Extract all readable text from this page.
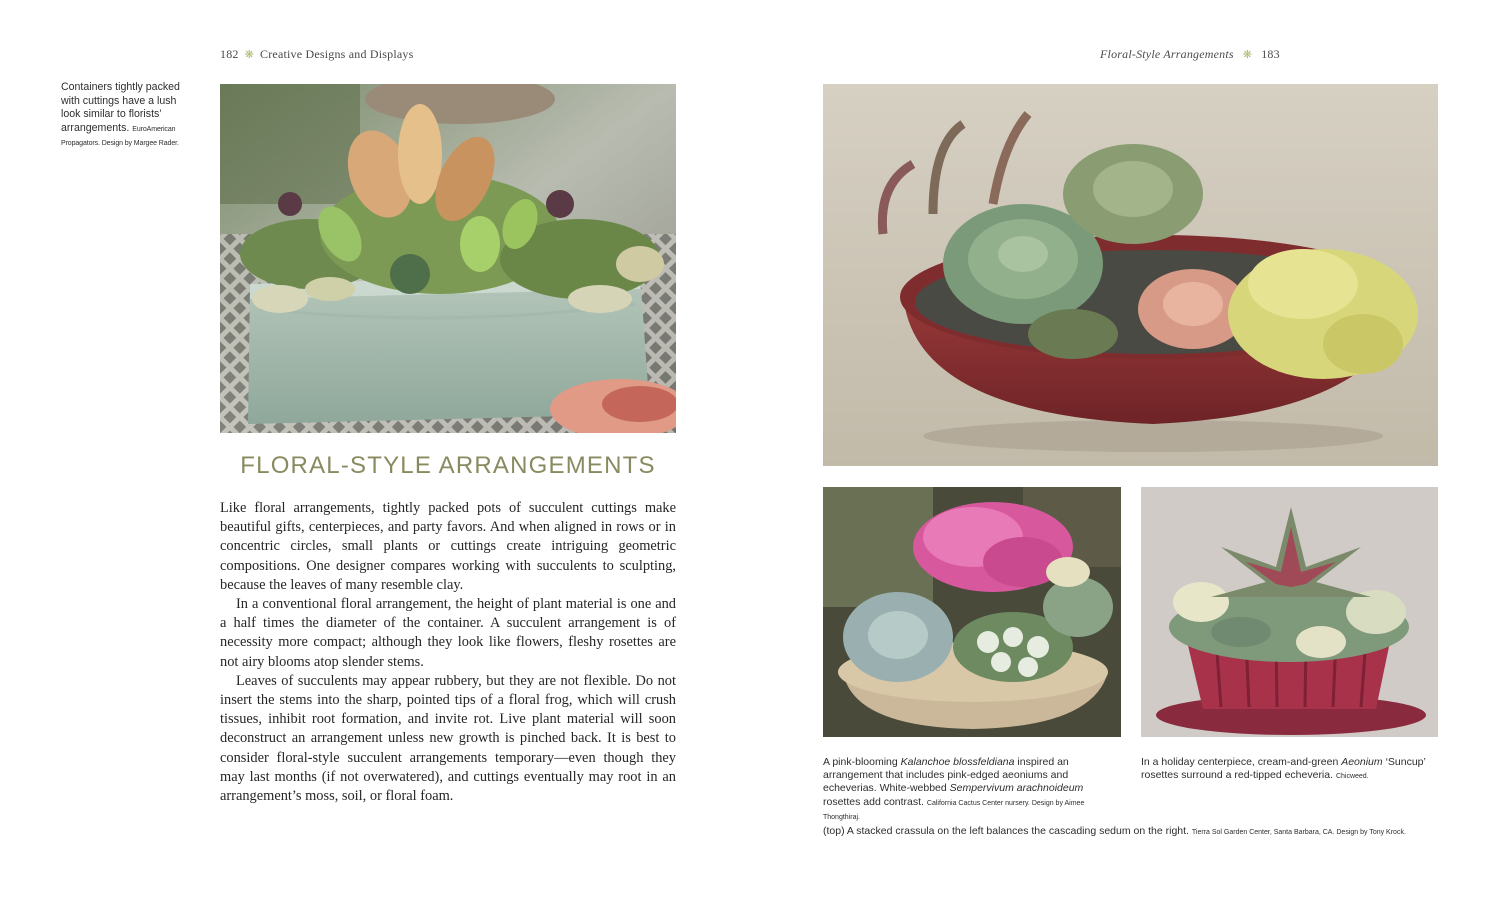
182 ❋ Creative Designs and Displays
Containers tightly packed with cuttings have a lush look similar to florists’ arrangements. EuroAmerican Propagators. Design by Margee Rader.
FLORAL-STYLE ARRANGEMENTS

Like floral arrangements, tightly packed pots of succulent cuttings make beautiful gifts, centerpieces, and party favors. And when aligned in rows or in concentric circles, small plants or cuttings create intriguing geometric compositions. One designer compares working with succulents to sculpting, because the leaves of many resemble clay.

In a conventional floral arrangement, the height of plant material is one and a half times the diameter of the container. A succulent arrangement is of necessity more compact; although they look like flowers, fleshy rosettes are not airy blooms atop slender stems.

Leaves of succulents may appear rubbery, but they are not flexible. Do not insert the stems into the sharp, pointed tips of a floral frog, which will crush tissues, inhibit root formation, and invite rot. Live plant material will soon deconstruct an arrangement unless new growth is pinched back. It is best to consider floral-style succulent arrangements temporary—even though they may last months (if not overwatered), and cuttings eventually may root in an arrangement’s moss, soil, or floral foam.

Floral-Style Arrangements ❋ 183
A pink-blooming Kalanchoe blossfeldiana inspired an arrangement that includes pink-edged aeoniums and echeverias. White-webbed Sempervivum arachnoideum rosettes add contrast. California Cactus Center nursery. Design by Aimee Thongthiraj.
In a holiday centerpiece, cream-and-green Aeonium ‘Suncup’ rosettes surround a red-tipped echeveria. Chicweed.
(top) A stacked crassula on the left balances the cascading sedum on the right. Tierra Sol Garden Center, Santa Barbara, CA. Design by Tony Krock.
